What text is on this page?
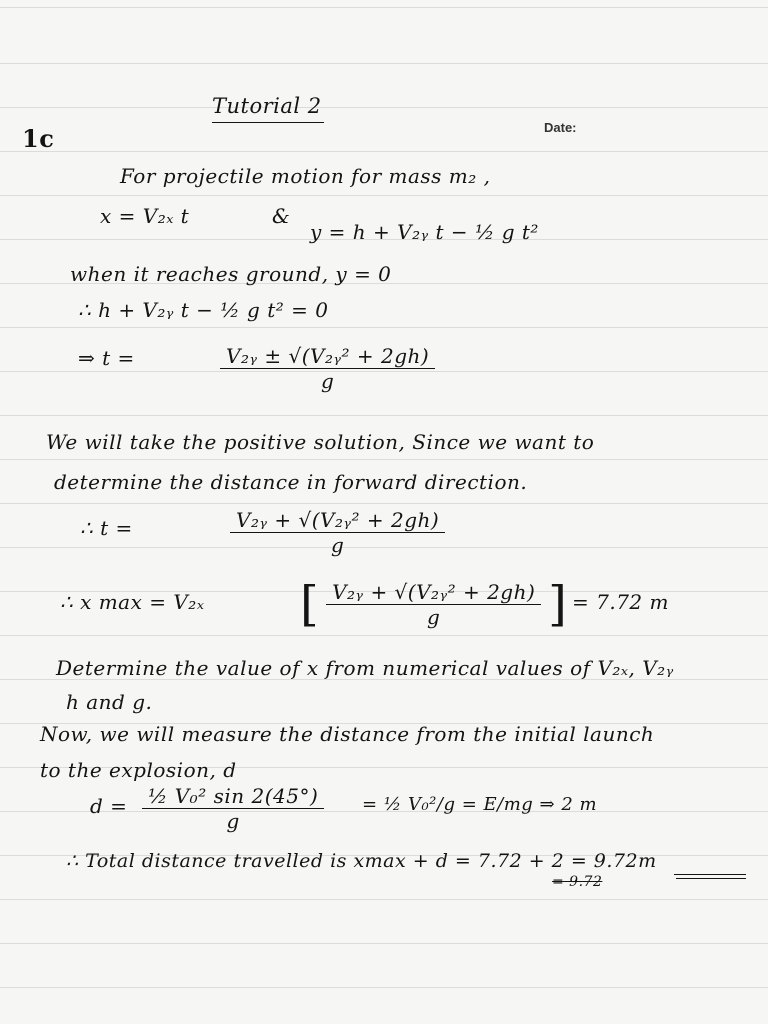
Tutorial 2
1c	Date:
For projectile motion for mass m₂ ,
x = V₂ₓ t	&
y = h + V₂ᵧ t − ½ g t²
when it reaches ground, y = 0
∴ h + V₂ᵧ t − ½ g t² = 0
⇒ t =	$\frac{\text{V₂ᵧ ± √(V₂ᵧ² + 2gh)}}{g}$
We will take the positive solution, Since we want to
determine the distance in forward direction.
∴ t =	$\frac{\text{V₂ᵧ + √(V₂ᵧ² + 2gh)}}{g}$
∴ x max = V₂ₓ [ $\frac{\text{V₂ᵧ + √(V₂ᵧ² + 2gh)}}{g}$ ] = 7.72 m
Determine the value of x from numerical values of V₂ₓ, V₂ᵧ
h and g.
Now, we will measure the distance from the initial launch
to the explosion, d
$d = \frac{\text{½ V₀² sin 2(45°)}}{g}$ = ½ V₀²/g = E/mg ⇒ 2 m
∴ Total distance travelled is xmax + d = 7.72 + 2 = 9.72m
= 9.72
